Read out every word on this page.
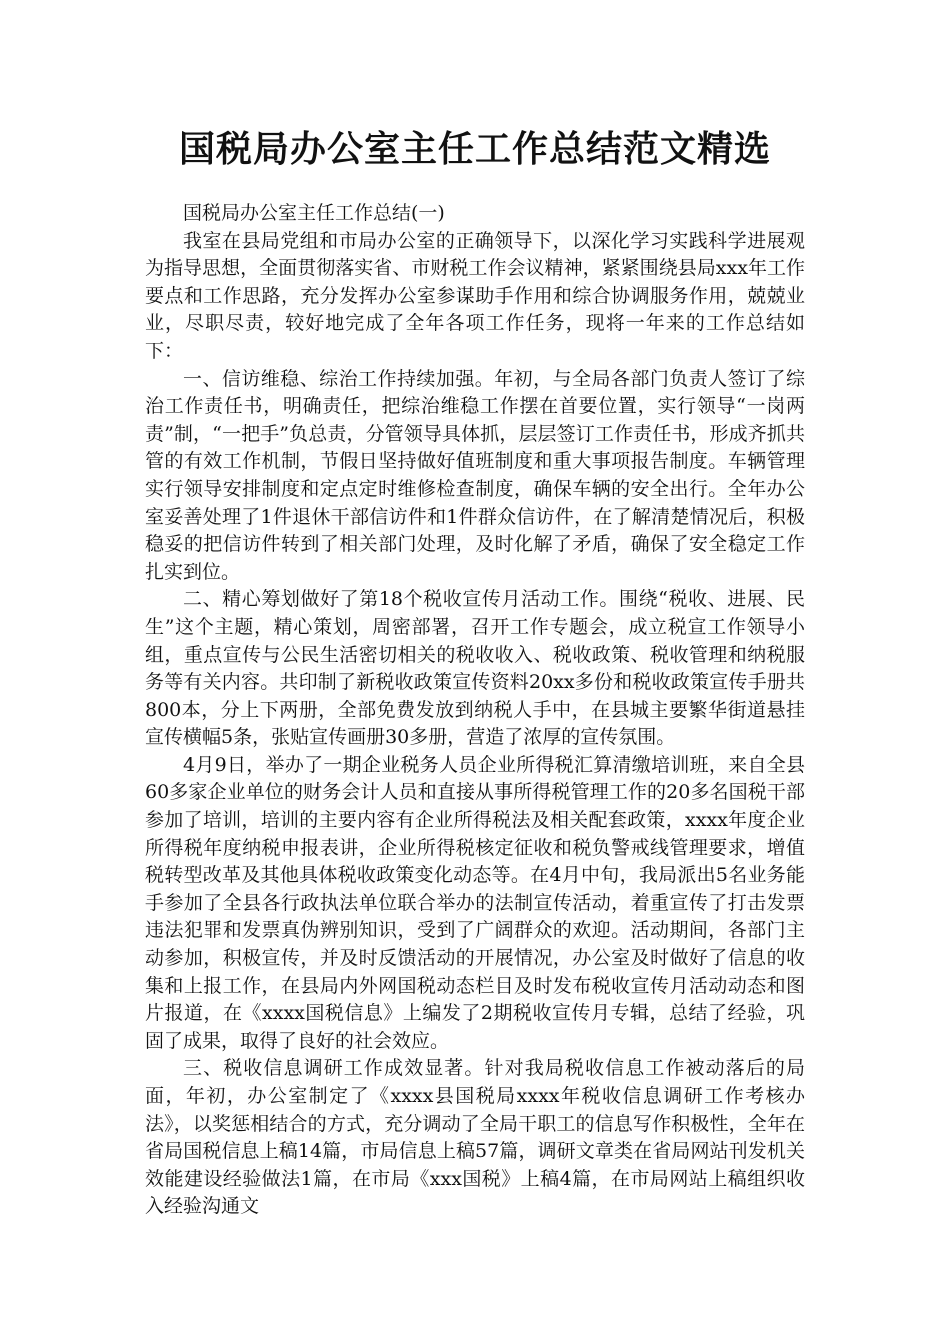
国税局办公室主任工作总结范文精选

国税局办公室主任工作总结(一)

我室在县局党组和市局办公室的正确领导下，以深化学习实践科学进展观为指导思想，全面贯彻落实省、市财税工作会议精神，紧紧围绕县局xxx年工作要点和工作思路，充分发挥办公室参谋助手作用和综合协调服务作用，兢兢业业，尽职尽责，较好地完成了全年各项工作任务，现将一年来的工作总结如下：

一、信访维稳、综治工作持续加强。年初，与全局各部门负责人签订了综治工作责任书，明确责任，把综治维稳工作摆在首要位置，实行领导“一岗两责”制，“一把手”负总责，分管领导具体抓，层层签订工作责任书，形成齐抓共管的有效工作机制，节假日坚持做好值班制度和重大事项报告制度。车辆管理实行领导安排制度和定点定时维修检查制度，确保车辆的安全出行。全年办公室妥善处理了1件退休干部信访件和1件群众信访件，在了解清楚情况后，积极稳妥的把信访件转到了相关部门处理，及时化解了矛盾，确保了安全稳定工作扎实到位。

二、精心筹划做好了第18个税收宣传月活动工作。围绕“税收、进展、民生”这个主题，精心策划，周密部署，召开工作专题会，成立税宣工作领导小组，重点宣传与公民生活密切相关的税收收入、税收政策、税收管理和纳税服务等有关内容。共印制了新税收政策宣传资料20xx多份和税收政策宣传手册共800本，分上下两册，全部免费发放到纳税人手中，在县城主要繁华街道悬挂宣传横幅5条，张贴宣传画册30多册，营造了浓厚的宣传氛围。

4月9日，举办了一期企业税务人员企业所得税汇算清缴培训班，来自全县60多家企业单位的财务会计人员和直接从事所得税管理工作的20多名国税干部参加了培训，培训的主要内容有企业所得税法及相关配套政策，xxxx年度企业所得税年度纳税申报表讲，企业所得税核定征收和税负警戒线管理要求，增值税转型改革及其他具体税收政策变化动态等。在4月中旬，我局派出5名业务能手参加了全县各行政执法单位联合举办的法制宣传活动，着重宣传了打击发票违法犯罪和发票真伪辨别知识，受到了广阔群众的欢迎。活动期间，各部门主动参加，积极宣传，并及时反馈活动的开展情况，办公室及时做好了信息的收集和上报工作，在县局内外网国税动态栏目及时发布税收宣传月活动动态和图片报道，在《xxxx国税信息》上编发了2期税收宣传月专辑，总结了经验，巩固了成果，取得了良好的社会效应。

三、税收信息调研工作成效显著。针对我局税收信息工作被动落后的局面，年初，办公室制定了《xxxx县国税局xxxx年税收信息调研工作考核办法》，以奖惩相结合的方式，充分调动了全局干职工的信息写作积极性，全年在省局国税信息上稿14篇，市局信息上稿57篇，调研文章类在省局网站刊发机关效能建设经验做法1篇，在市局《xxx国税》上稿4篇，在市局网站上稿组织收入经验沟通文
